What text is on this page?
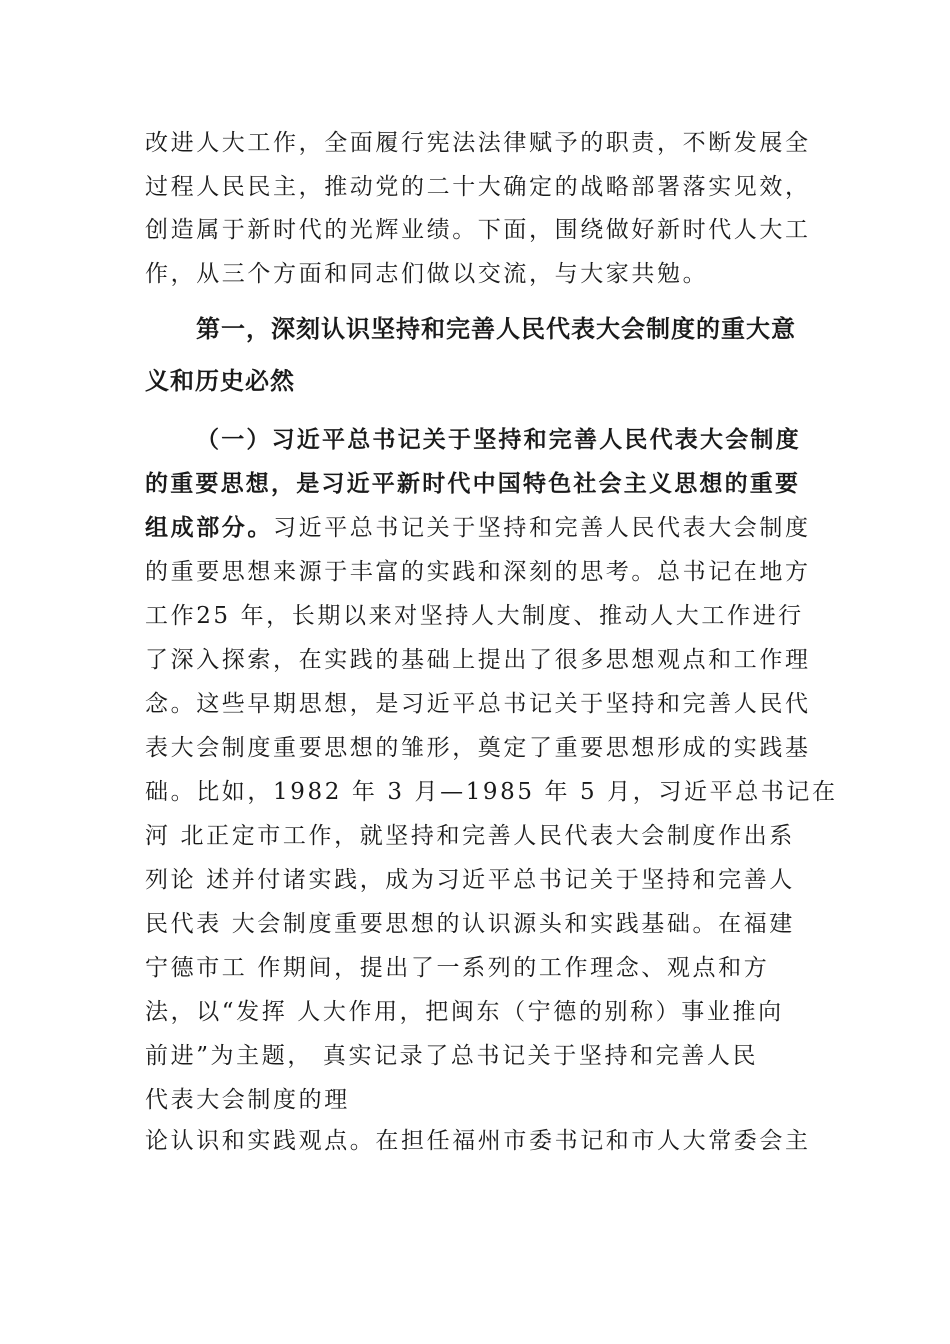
改进人大工作，全面履行宪法法律赋予的职责，不断发展全
过程人民民主，推动党的二十大确定的战略部署落实见效，
创造属于新时代的光辉业绩。下面，围绕做好新时代人大工
作，从三个方面和同志们做以交流，与大家共勉。
第一，深刻认识坚持和完善人民代表大会制度的重大意
义和历史必然
（一）习近平总书记关于坚持和完善人民代表大会制度
的重要思想，是习近平新时代中国特色社会主义思想的重要
组成部分。习近平总书记关于坚持和完善人民代表大会制度
的重要思想来源于丰富的实践和深刻的思考。总书记在地方
工作25 年，长期以来对坚持人大制度、推动人大工作进行
了深入探索，在实践的基础上提出了很多思想观点和工作理
念。这些早期思想，是习近平总书记关于坚持和完善人民代
表大会制度重要思想的雏形，奠定了重要思想形成的实践基
础。比如，1982 年 3 月—1985 年 5 月，习近平总书记在
河 北正定市工作，就坚持和完善人民代表大会制度作出系
列论 述并付诸实践，成为习近平总书记关于坚持和完善人
民代表 大会制度重要思想的认识源头和实践基础。在福建
宁德市工 作期间，提出了一系列的工作理念、观点和方
法，以“发挥 人大作用，把闽东（宁德的别称）事业推向
前进”为主题， 真实记录了总书记关于坚持和完善人民
代表大会制度的理
论认识和实践观点。在担任福州市委书记和市人大常委会主
